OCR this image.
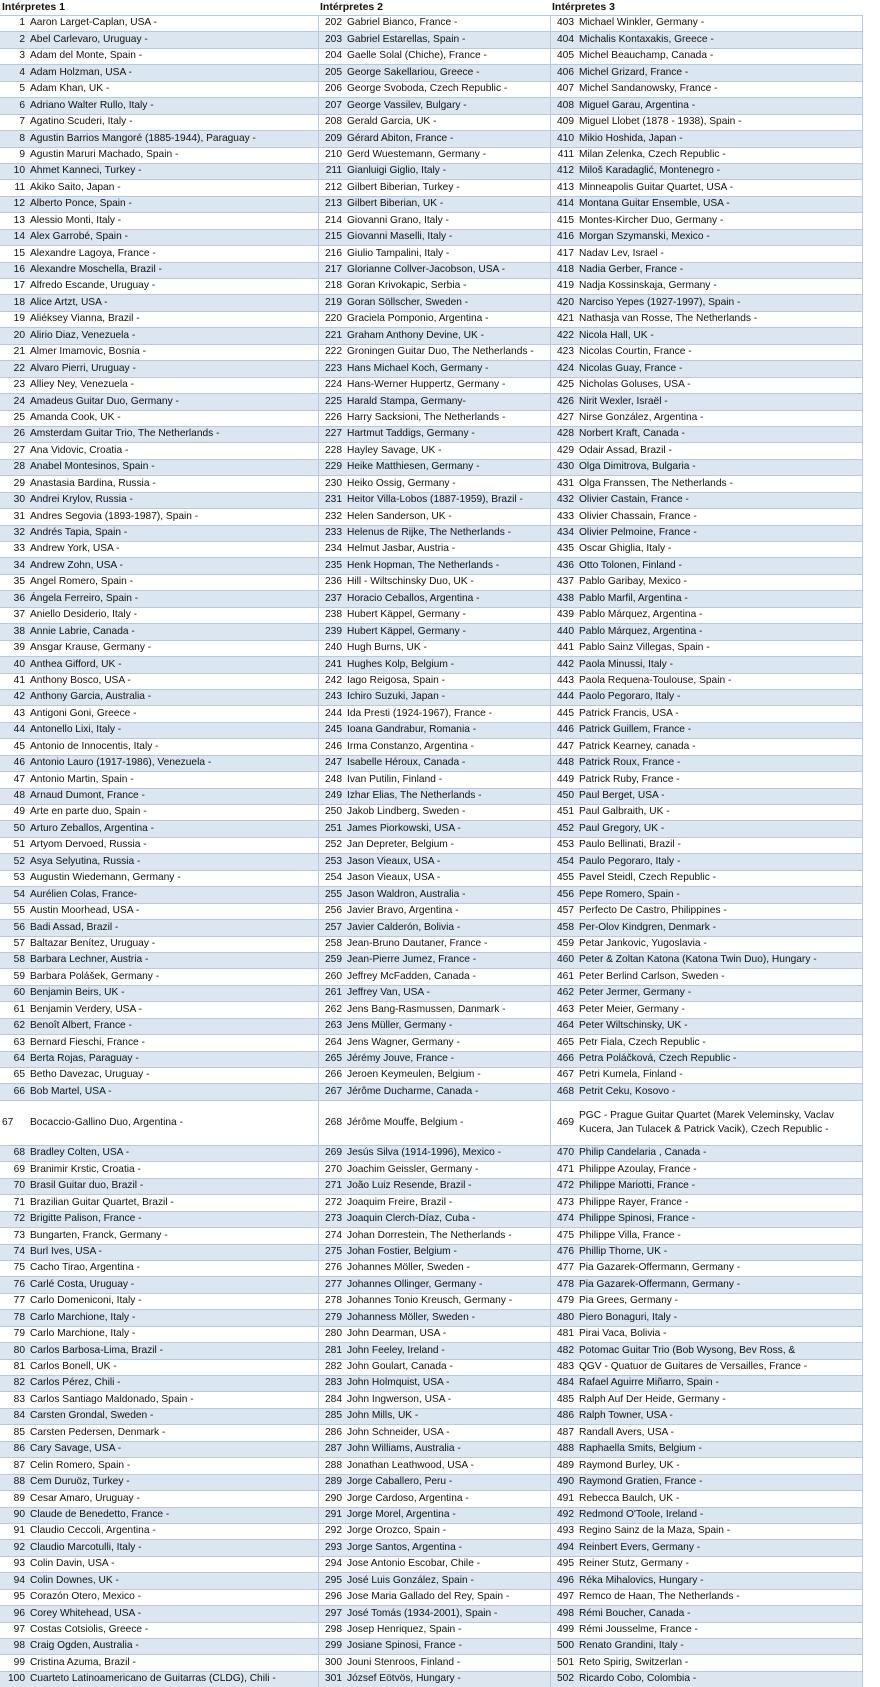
Intérpretes 1		Intérpretes 2		Intérpretes 3	
1	Aaron Larget-Caplan, USA -	202	Gabriel Bianco, France -	403	Michael Winkler, Germany -
2	Abel Carlevaro, Uruguay -	203	Gabriel Estarellas, Spain -	404	Michalis Kontaxakis, Greece -
3	Adam del Monte, Spain -	204	Gaelle Solal (Chiche), France -	405	Michel Beauchamp, Canada -
4	Adam Holzman, USA -	205	George Sakellariou, Greece -	406	Michel Grizard, France -
5	Adam Khan, UK -	206	George Svoboda, Czech Republic -	407	Michel Sandanowsky, France -
6	Adriano Walter Rullo, Italy -	207	George Vassilev, Bulgary -	408	Miguel Garau, Argentina -
7	Agatino Scuderi, Italy -	208	Gerald Garcia, UK -	409	Miguel Llobet (1878 - 1938), Spain -
8	Agustin Barrios Mangoré (1885-1944), Paraguay -	209	Gérard Abiton, France -	410	Mikio Hoshida, Japan -
9	Agustin Maruri Machado, Spain -	210	Gerd Wuestemann, Germany -	411	Milan Zelenka, Czech Republic -
10	Ahmet Kanneci, Turkey -	211	Gianluigi Giglio, Italy -	412	Miloš Karadaglić, Montenegro -
11	Akiko Saito, Japan -	212	Gilbert Biberian, Turkey -	413	Minneapolis Guitar Quartet, USA -
12	Alberto Ponce, Spain -	213	Gilbert Biberian, UK -	414	Montana Guitar Ensemble, USA -
13	Alessio Monti, Italy -	214	Giovanni Grano, Italy -	415	Montes-Kircher Duo, Germany -
14	Alex Garrobé, Spain -	215	Giovanni Maselli, Italy -	416	Morgan Szymanski, Mexico -
15	Alexandre Lagoya, France -	216	Giulio Tampalini, Italy -	417	Nadav Lev, Israel -
16	Alexandre Moschella, Brazil -	217	Glorianne Collver-Jacobson, USA -	418	Nadia Gerber, France -
17	Alfredo Escande, Uruguay -	218	Goran Krivokapic, Serbia -	419	Nadja Kossinskaja, Germany -
18	Alice Artzt, USA -	219	Goran Söllscher, Sweden -	420	Narciso Yepes (1927-1997), Spain -
19	Aliéksey Vianna, Brazil -	220	Graciela Pomponio, Argentina -	421	Nathasja van Rosse, The Netherlands -
20	Alirio Diaz, Venezuela -	221	Graham Anthony Devine, UK -	422	Nicola Hall, UK -
21	Almer Imamovic, Bosnia -	222	Groningen Guitar Duo, The Netherlands -	423	Nicolas Courtin, France -
22	Alvaro Pierri, Uruguay -	223	Hans Michael Koch, Germany -	424	Nicolas Guay, France -
23	Alliey Ney, Venezuela -	224	Hans-Werner Huppertz, Germany -	425	Nicholas Goluses, USA -
24	Amadeus Guitar Duo, Germany -	225	Harald Stampa, Germany-	426	Nirit Wexler, Israël -
25	Amanda Cook, UK -	226	Harry Sacksioni, The Netherlands -	427	Nirse González, Argentina -
26	Amsterdam Guitar Trio, The Netherlands -	227	Hartmut Taddigs, Germany -	428	Norbert Kraft, Canada -
27	Ana Vidovic, Croatia -	228	Hayley Savage, UK -	429	Odair Assad, Brazil -
28	Anabel Montesinos, Spain -	229	Heike Matthiesen, Germany -	430	Olga Dimitrova, Bulgaria -
29	Anastasia Bardina, Russia -	230	Heiko Ossig, Germany -	431	Olga Franssen, The Netherlands -
30	Andrei Krylov, Russia -	231	Heitor Villa-Lobos (1887-1959), Brazil -	432	Olivier Castain, France -
31	Andres Segovia (1893-1987), Spain -	232	Helen Sanderson, UK -	433	Olivier Chassain, France -
32	Andrés Tapia, Spain -	233	Helenus de Rijke, The Netherlands -	434	Olivier Pelmoine, France -
33	Andrew York, USA -	234	Helmut Jasbar, Austria -	435	Oscar Ghiglia, Italy -
34	Andrew Zohn, USA -	235	Henk Hopman, The Netherlands -	436	Otto Tolonen, Finland -
35	Angel Romero, Spain -	236	Hill - Wiltschinsky Duo, UK -	437	Pablo Garibay, Mexico -
36	Ángela Ferreiro, Spain -	237	Horacio Ceballos, Argentina -	438	Pablo Marfil, Argentina -
37	Aniello Desiderio, Italy -	238	Hubert Käppel, Germany -	439	Pablo Márquez, Argentina -
38	Annie Labrie, Canada -	239	Hubert Käppel, Germany -	440	Pablo Márquez, Argentina -
39	Ansgar Krause, Germany -	240	Hugh Burns, UK -	441	Pablo Sainz Villegas, Spain -
40	Anthea Gifford, UK -	241	Hughes Kolp, Belgium -	442	Paola Minussi, Italy -
41	Anthony Bosco, USA -	242	Iago Reigosa, Spain -	443	Paola Requena-Toulouse, Spain -
42	Anthony Garcia, Australia -	243	Ichiro Suzuki, Japan -	444	Paolo Pegoraro, Italy -
43	Antigoni Goni, Greece -	244	Ida Presti (1924-1967), France -	445	Patrick Francis, USA -
44	Antonello Lixi, Italy -	245	Ioana Gandrabur, Romania -	446	Patrick Guillem, France -
45	Antonio de Innocentis, Italy -	246	Irma Constanzo, Argentina -	447	Patrick Kearney, canada -
46	Antonio Lauro (1917-1986), Venezuela -	247	Isabelle Héroux, Canada -	448	Patrick Roux, France -
47	Antonio Martin, Spain -	248	Ivan Putilin, Finland -	449	Patrick Ruby, France -
48	Arnaud Dumont, France -	249	Izhar Elias, The Netherlands -	450	Paul Berget, USA -
49	Arte en parte duo, Spain -	250	Jakob Lindberg, Sweden -	451	Paul Galbraith, UK -
50	Arturo Zeballos, Argentina -	251	James Piorkowski, USA -	452	Paul Gregory, UK -
51	Artyom Dervoed, Russia -	252	Jan Depreter, Belgium -	453	Paulo Bellinati, Brazil -
52	Asya Selyutina, Russia -	253	Jason Vieaux, USA -	454	Paulo Pegoraro, Italy -
53	Augustin Wiedemann, Germany -	254	Jason Vieaux, USA -	455	Pavel Steidl, Czech Republic -
54	Aurélien Colas, France-	255	Jason Waldron, Australia -	456	Pepe Romero, Spain -
55	Austin Moorhead, USA -	256	Javier Bravo, Argentina -	457	Perfecto De Castro, Philippines -
56	Badi Assad, Brazil -	257	Javier Calderón, Bolivia -	458	Per-Olov Kindgren, Denmark -
57	Baltazar Benítez, Uruguay -	258	Jean-Bruno Dautaner, France -	459	Petar Jankovic, Yugoslavia -
58	Barbara Lechner, Austria -	259	Jean-Pierre Jumez, France -	460	Peter & Zoltan Katona (Katona Twin Duo), Hungary -
59	Barbara Polášek, Germany -	260	Jeffrey McFadden, Canada -	461	Peter Berlind Carlson, Sweden -
60	Benjamin Beirs, UK -	261	Jeffrey Van, USA -	462	Peter Jermer, Germany -
61	Benjamin Verdery, USA -	262	Jens Bang-Rasmussen, Danmark -	463	Peter Meier, Germany -
62	Benoît Albert, France -	263	Jens Müller, Germany -	464	Peter Wiltschinsky, UK -
63	Bernard Fieschi, France -	264	Jens Wagner, Germany -	465	Petr Fiala, Czech Republic -
64	Berta Rojas, Paraguay -	265	Jérémy Jouve, France -	466	Petra Poláčková, Czech Republic -
65	Betho Davezac, Uruguay -	266	Jeroen Keymeulen, Belgium -	467	Petri Kumela, Finland -
66	Bob Martel, USA -	267	Jérôme Ducharme, Canada -	468	Petrit Ceku, Kosovo -
67	Bocaccio-Gallino Duo, Argentina -	268	Jérôme Mouffe, Belgium -	469	PGC - Prague Guitar Quartet (Marek Veleminsky, Vaclav Kucera, Jan Tulacek & Patrick Vacik), Czech Republic -
68	Bradley Colten, USA -	269	Jesús Silva (1914-1996), Mexico -	470	Philip Candelaria , Canada -
69	Branimir Krstic, Croatia -	270	Joachim Geissler, Germany -	471	Philippe Azoulay, France -
70	Brasil Guitar duo, Brazil -	271	João Luiz Resende, Brazil -	472	Philippe Mariotti, France -
71	Brazilian Guitar Quartet, Brazil -	272	Joaquim Freire, Brazil -	473	Philippe Rayer, France -
72	Brigitte Palison, France -	273	Joaquin Clerch-Díaz, Cuba -	474	Philippe Spinosi, France -
73	Bungarten, Franck, Germany -	274	Johan Dorrestein, The Netherlands -	475	Philippe Villa, France -
74	Burl Ives, USA -	275	Johan Fostier, Belgium -	476	Phillip Thorne, UK -
75	Cacho Tirao, Argentina -	276	Johannes Möller, Sweden -	477	Pia Gazarek-Offermann, Germany -
76	Carlé Costa, Uruguay -	277	Johannes Ollinger, Germany -	478	Pia Gazarek-Offermann, Germany -
77	Carlo Domeniconi, Italy -	278	Johannes Tonio Kreusch, Germany -	479	Pia Grees, Germany -
78	Carlo Marchione, Italy -	279	Johanness Möller, Sweden -	480	Piero Bonaguri, Italy -
79	Carlo Marchione, Italy -	280	John Dearman, USA -	481	Pirai Vaca, Bolivia -
80	Carlos Barbosa-Lima, Brazil -	281	John Feeley, Ireland -	482	Potomac Guitar Trio (Bob Wysong, Bev Ross, &
81	Carlos Bonell, UK -	282	John Goulart, Canada -	483	QGV - Quatuor de Guitares de Versailles, France -
82	Carlos Pérez, Chili -	283	John Holmquist, USA -	484	Rafael Aguirre Miñarro, Spain -
83	Carlos Santiago Maldonado, Spain -	284	John Ingwerson, USA -	485	Ralph Auf Der Heide, Germany -
84	Carsten Grondal, Sweden -	285	John Mills, UK -	486	Ralph Towner, USA -
85	Carsten Pedersen, Denmark -	286	John Schneider, USA -	487	Randall Avers, USA -
86	Cary Savage, USA -	287	John Williams, Australia -	488	Raphaella Smits, Belgium -
87	Celin Romero, Spain -	288	Jonathan Leathwood, USA -	489	Raymond Burley, UK -
88	Cem Duruöz, Turkey -	289	Jorge Caballero, Peru -	490	Raymond Gratien, France -
89	Cesar Amaro, Uruguay -	290	Jorge Cardoso, Argentina -	491	Rebecca Baulch, UK -
90	Claude de Benedetto, France -	291	Jorge Morel, Argentina -	492	Redmond O'Toole, Ireland -
91	Claudio Ceccoli, Argentina -	292	Jorge Orozco, Spain -	493	Regino Sainz de la Maza, Spain -
92	Claudio Marcotulli, Italy -	293	Jorge Santos, Argentina -	494	Reinbert Evers, Germany -
93	Colin Davin, USA -	294	Jose Antonio Escobar, Chile -	495	Reiner Stutz, Germany -
94	Colin Downes, UK -	295	José Luis González, Spain -	496	Réka Mihalovics, Hungary -
95	Corazón Otero, Mexico -	296	Jose Maria Gallado del Rey, Spain -	497	Remco de Haan, The Netherlands -
96	Corey Whitehead, USA -	297	José Tomás (1934-2001), Spain -	498	Rémi Boucher, Canada -
97	Costas Cotsiolis, Greece -	298	Josep Henriquez, Spain -	499	Rémi Jousselme, France -
98	Craig Ogden, Australia -	299	Josiane Spinosi, France -	500	Renato Grandini, Italy -
99	Cristina Azuma, Brazil -	300	Jouni Stenroos, Finland -	501	Reto Spirig, Switzerlan -
100	Cuarteto Latinoamericano de Guitarras (CLDG), Chili -	301	József Eötvös, Hungary -	502	Ricardo Cobo, Colombia -
